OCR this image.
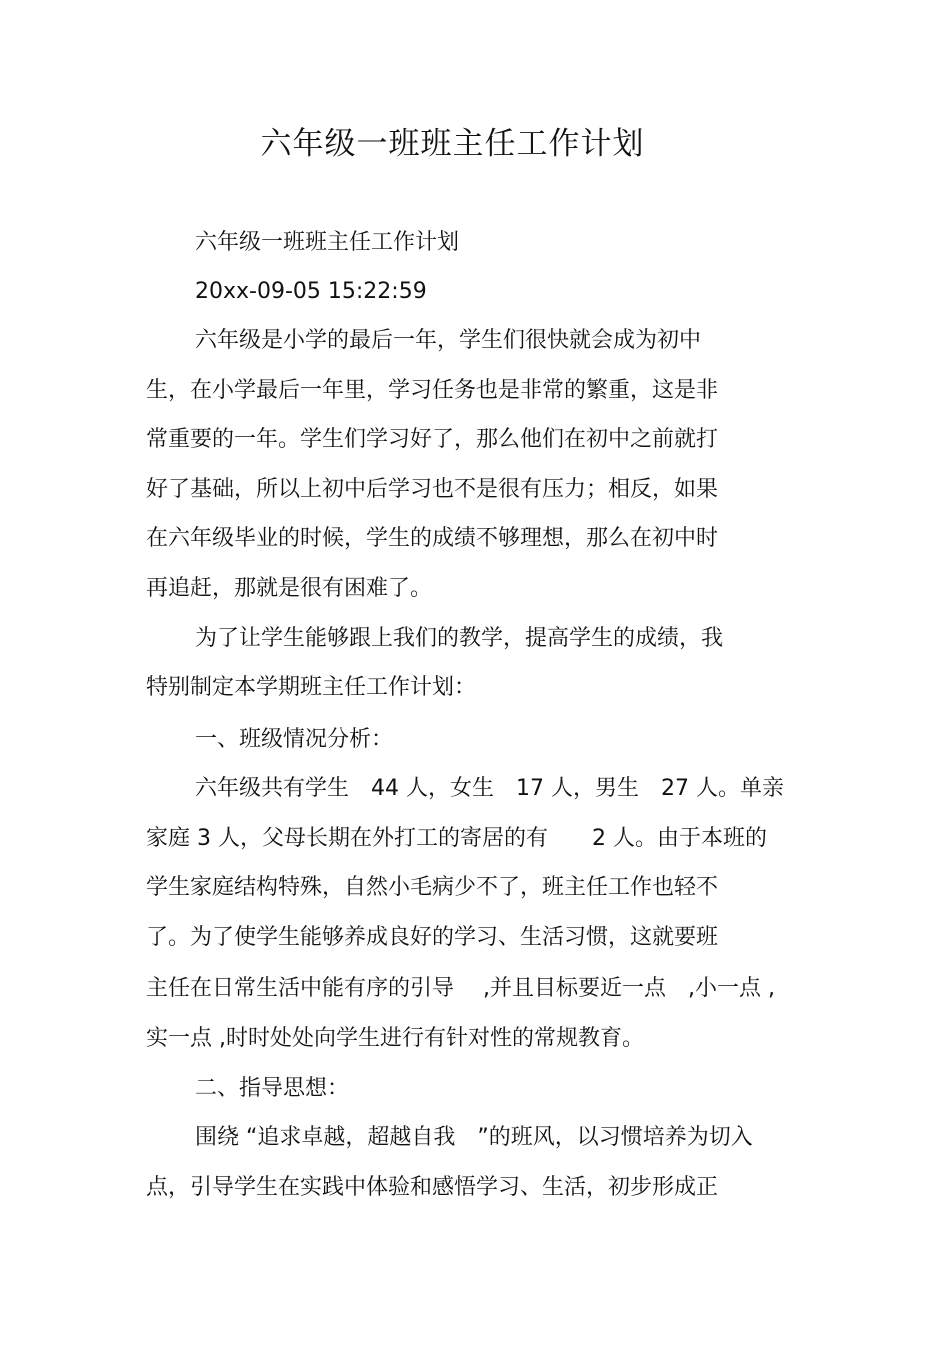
六年级一班班主任工作计划
六年级一班班主任工作计划
20xx-09-05 15:22:59
六年级是小学的最后一年，学生们很快就会成为初中
生，在小学最后一年里，学习任务也是非常的繁重，这是非
常重要的一年。学生们学习好了，那么他们在初中之前就打
好了基础，所以上初中后学习也不是很有压力；相反，如果
在六年级毕业的时候，学生的成绩不够理想，那么在初中时
再追赶，那就是很有困难了。
为了让学生能够跟上我们的教学，提高学生的成绩，我
特别制定本学期班主任工作计划：
一、班级情况分析：
六年级共有学生　44 人，女生　17 人，男生　27 人。单亲
家庭 3 人，父母长期在外打工的寄居的有　　2 人。由于本班的
学生家庭结构特殊，自然小毛病少不了，班主任工作也轻不
了。为了使学生能够养成良好的学习、生活习惯，这就要班
主任在日常生活中能有序的引导　 ,并且目标要近一点　,小一点 ,
实一点 ,时时处处向学生进行有针对性的常规教育。
二、指导思想：
围绕 “追求卓越，超越自我　”的班风，以习惯培养为切入
点，引导学生在实践中体验和感悟学习、生活，初步形成正
